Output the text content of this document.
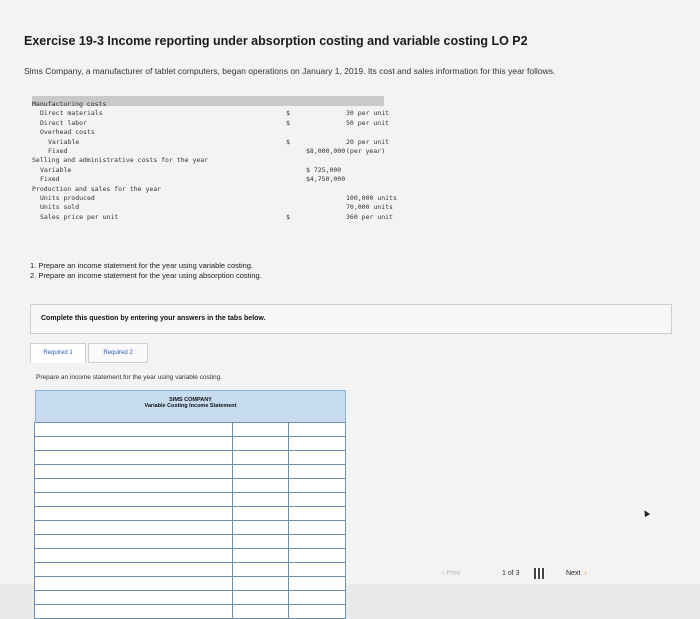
Exercise 19-3 Income reporting under absorption costing and variable costing LO P2
Sims Company, a manufacturer of tablet computers, began operations on January 1, 2019. Its cost and sales information for this year follows.
Manufacturing costs
Direct materials	$	30 per unit
Direct labor	$	50 per unit
Overhead costs
Variable	$	20 per unit
Fixed	$8,000,000 (per year)
Selling and administrative costs for the year
Variable	$ 725,000
Fixed	$4,750,000
Production and sales for the year
Units produced	100,000 units
Units sold	70,000 units
Sales price per unit	$	360 per unit
1. Prepare an income statement for the year using variable costing.
2. Prepare an income statement for the year using absorption costing.
Complete this question by entering your answers in the tabs below.
Required 1	Required 2
Prepare an income statement for the year using variable costing.
SIMS COMPANY
Variable Costing Income Statement
‹ Prev	1 of 3	Next ›
